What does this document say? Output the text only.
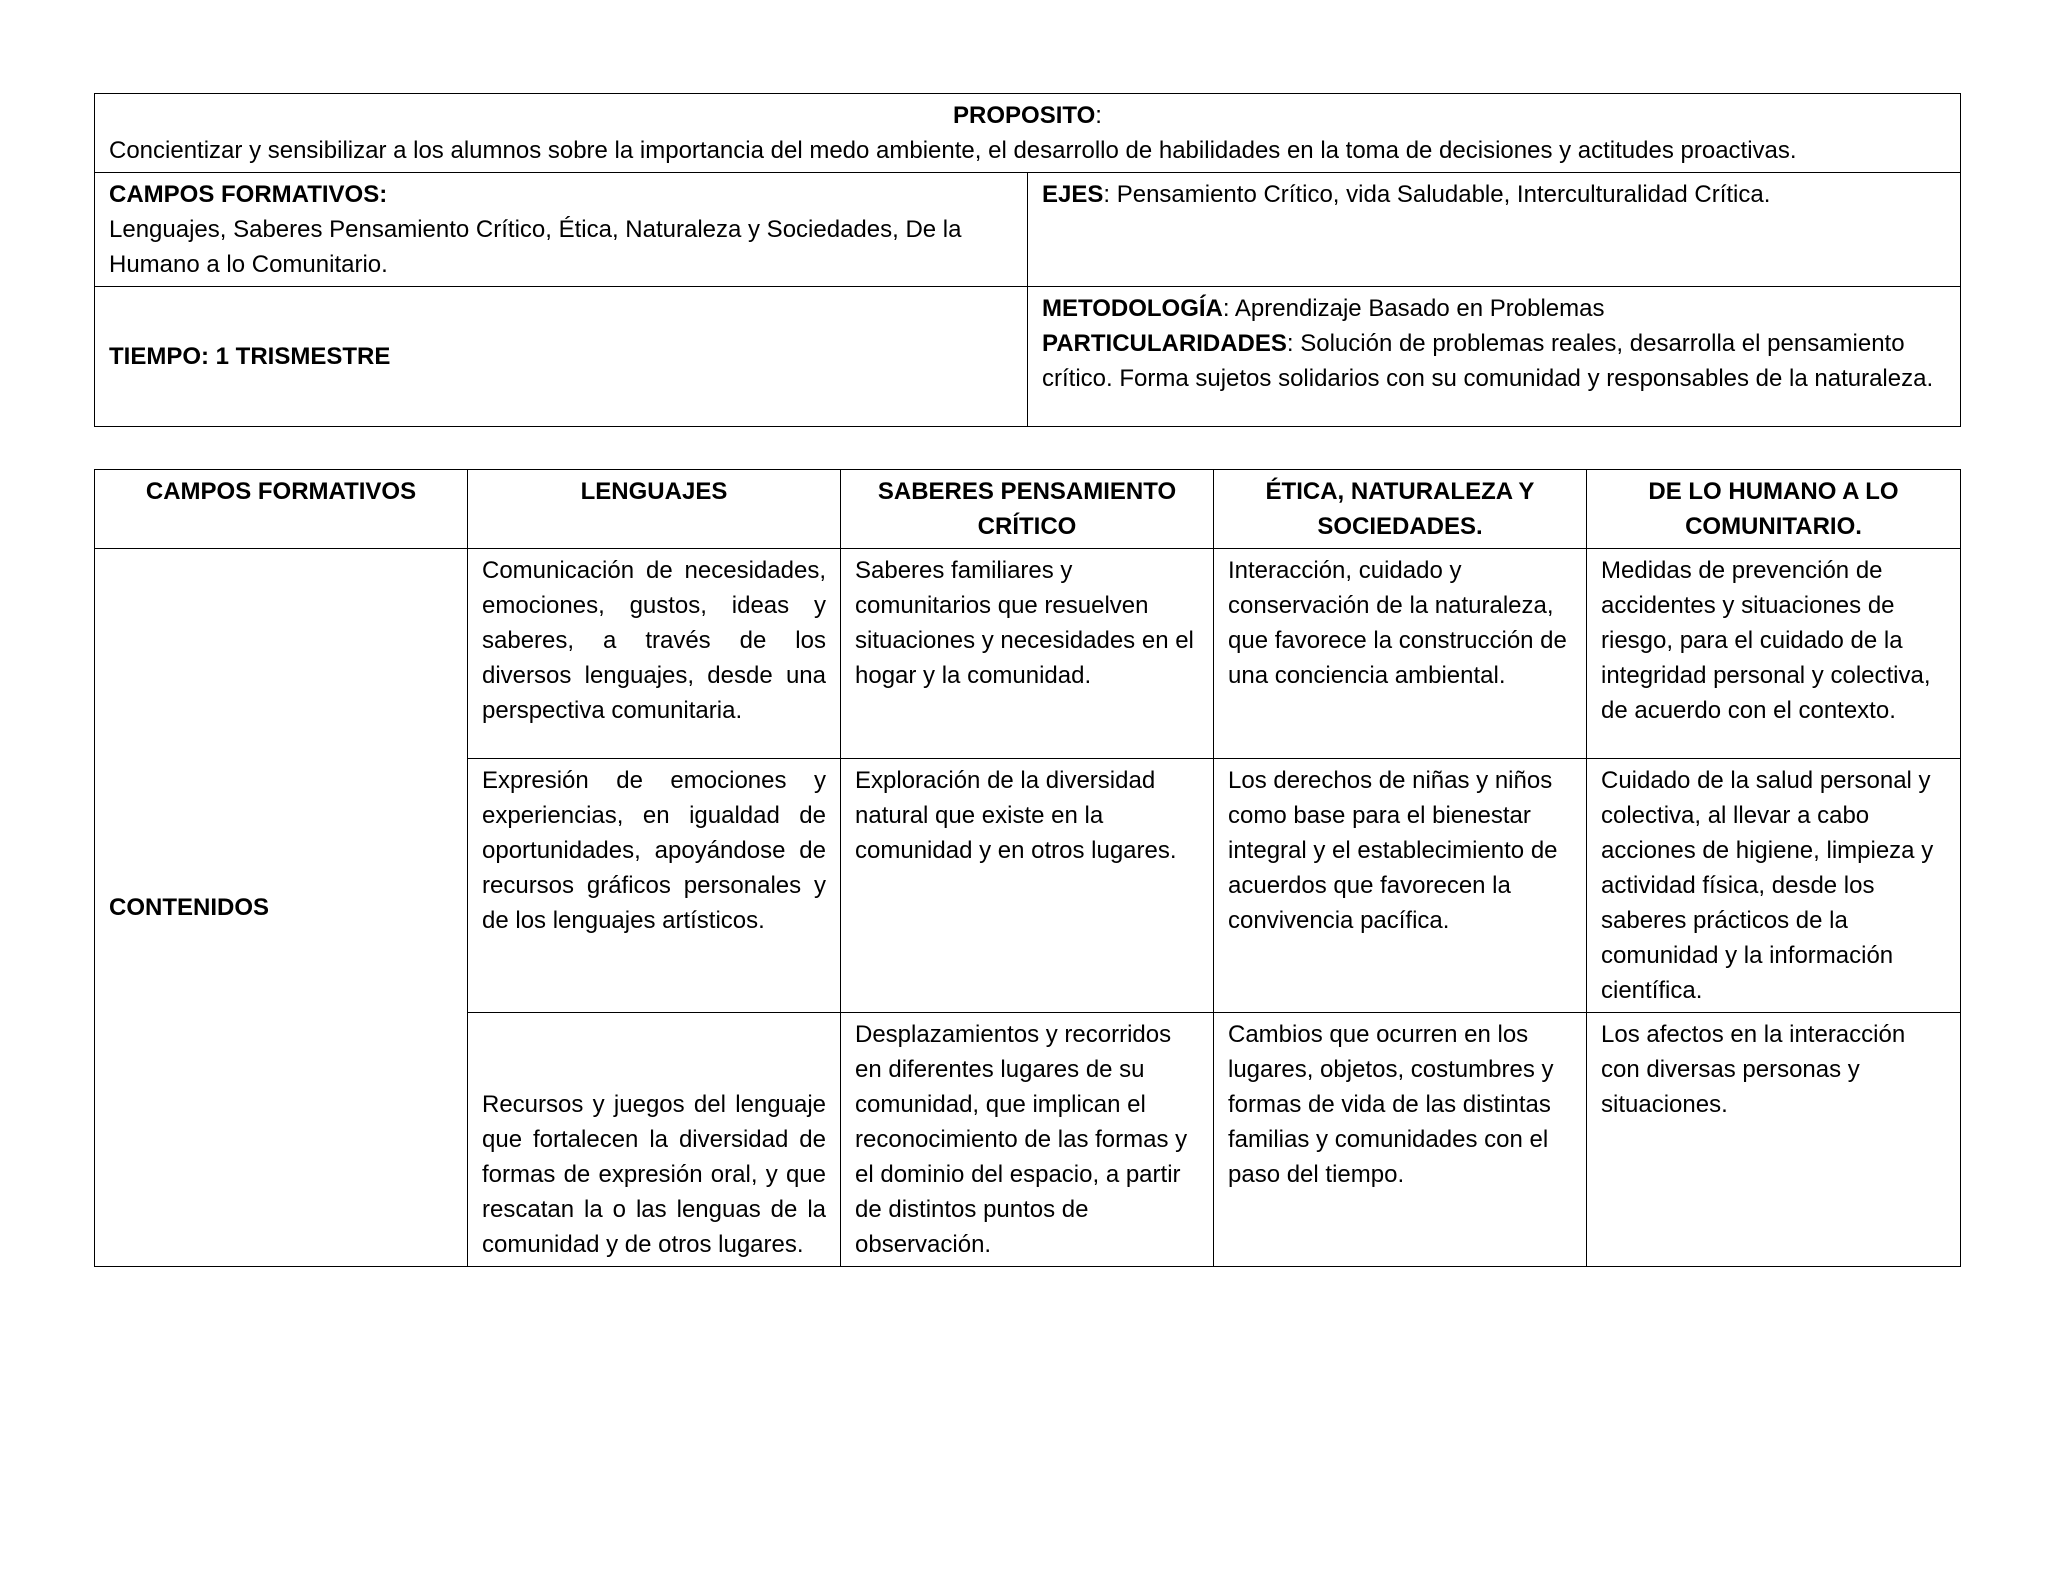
PROPOSITO:
Concientizar y sensibilizar a los alumnos sobre la importancia del medo ambiente, el desarrollo de habilidades en la toma de decisiones y actitudes proactivas.	

CAMPOS FORMATIVOS:
Lenguajes, Saberes Pensamiento Crítico, Ética, Naturaleza y Sociedades, De la Humano a lo Comunitario.	EJES: Pensamiento Crítico, vida Saludable, Interculturalidad Crítica.
TIEMPO: 1 TRISMESTRE	METODOLOGÍA: Aprendizaje Basado en Problemas
PARTICULARIDADES: Solución de problemas reales, desarrolla el pensamiento crítico. Forma sujetos solidarios con su comunidad y responsables de la naturaleza.
CAMPOS FORMATIVOS	LENGUAJES	SABERES PENSAMIENTO CRÍTICO	ÉTICA, NATURALEZA Y SOCIEDADES.	DE LO HUMANO A LO COMUNITARIO.
CONTENIDOS	Comunicación de necesidades, emociones, gustos, ideas y saberes, a través de los diversos lenguajes, desde una perspectiva comunitaria.	Saberes familiares y comunitarios que resuelven situaciones y necesidades en el hogar y la comunidad.	Interacción, cuidado y conservación de la naturaleza, que favorece la construcción de una conciencia ambiental.	Medidas de prevención de accidentes y situaciones de riesgo, para el cuidado de la integridad personal y colectiva, de acuerdo con el contexto.
	Expresión de emociones y experiencias, en igualdad de oportunidades, apoyándose de recursos gráficos personales y de los lenguajes artísticos.	Exploración de la diversidad natural que existe en la comunidad y en otros lugares.	Los derechos de niñas y niños como base para el bienestar integral y el establecimiento de acuerdos que favorecen la convivencia pacífica.	Cuidado de la salud personal y colectiva, al llevar a cabo acciones de higiene, limpieza y actividad física, desde los saberes prácticos de la comunidad y la información científica.
	Recursos y juegos del lenguaje que fortalecen la diversidad de formas de expresión oral, y que rescatan la o las lenguas de la comunidad y de otros lugares.	Desplazamientos y recorridos en diferentes lugares de su comunidad, que implican el reconocimiento de las formas y el dominio del espacio, a partir de distintos puntos de observación.	Cambios que ocurren en los lugares, objetos, costumbres y formas de vida de las distintas familias y comunidades con el paso del tiempo.	Los afectos en la interacción con diversas personas y situaciones.
